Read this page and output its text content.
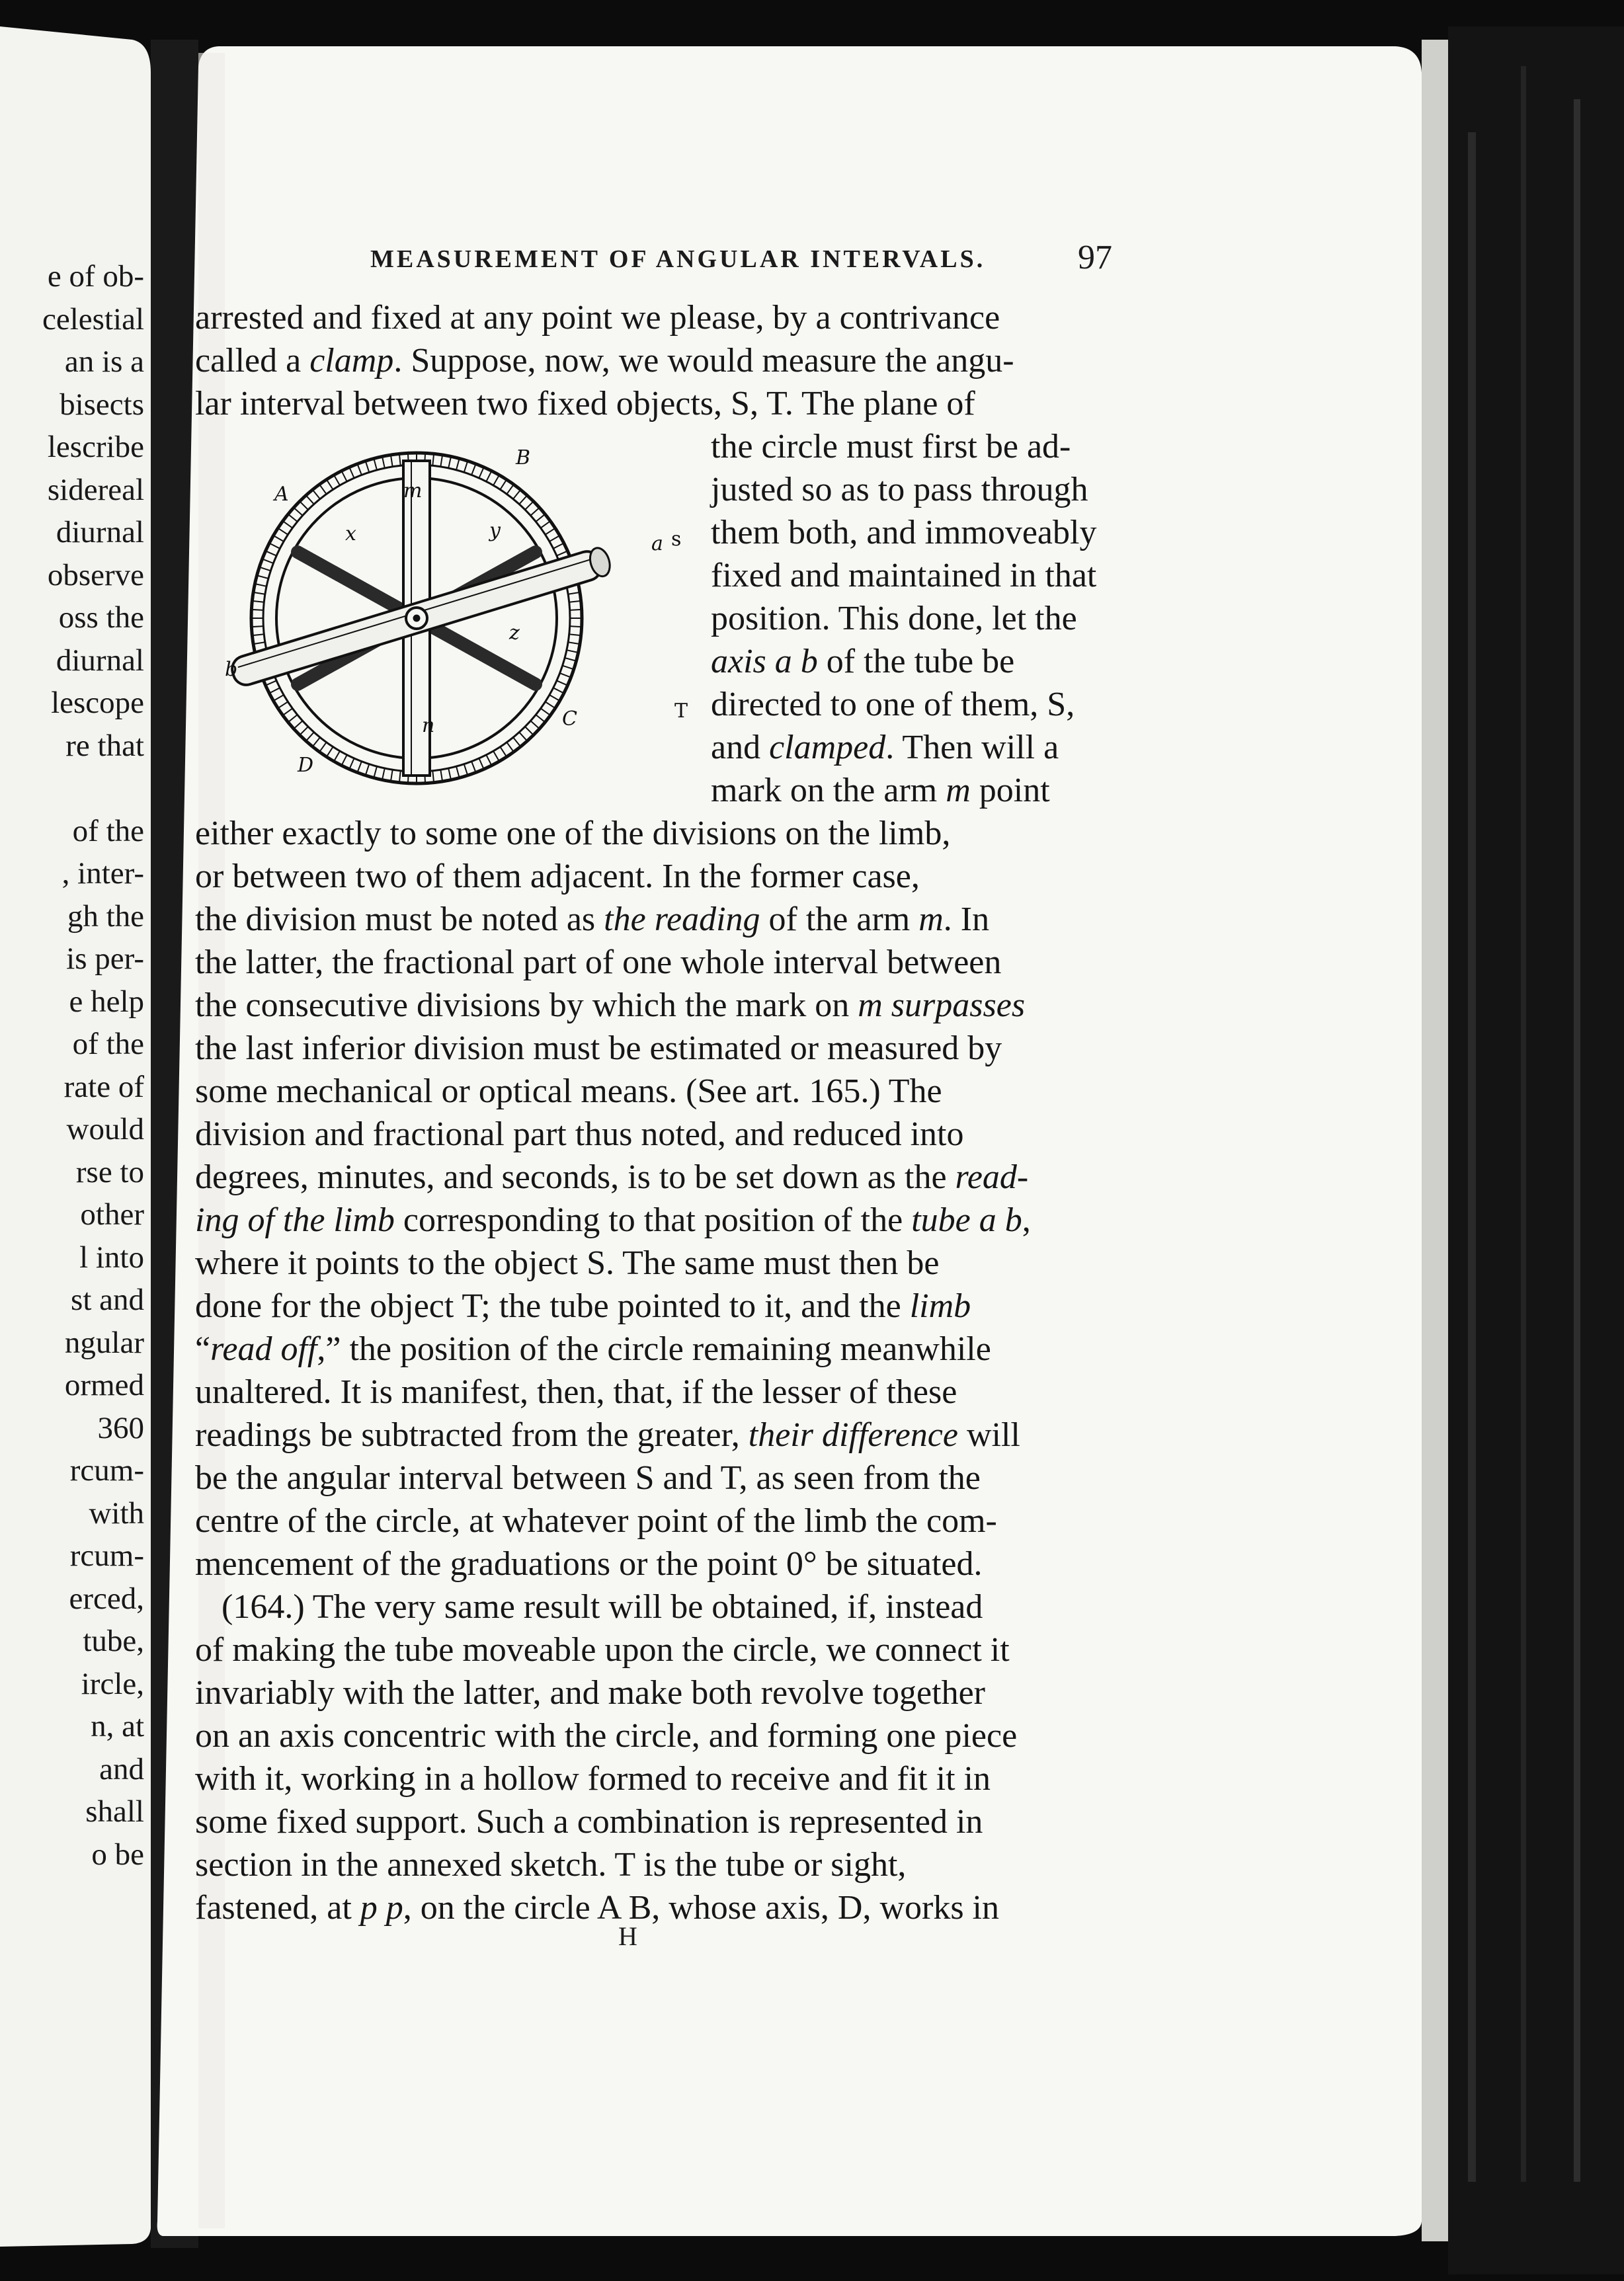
e of ob-
celestial
an is a
bisects
lescribe
sidereal
diurnal
observe
oss the
diurnal
lescope
re that
of the
, inter-
gh the
is per-
e help
of the
rate of
would
rse to
other
l into
st and
ngular
ormed
360
rcum-
with
rcum-
erced,
tube,
ircle,
n, at
and
shall
o be
MEASUREMENT OF ANGULAR INTERVALS.	97
A
B
C
D
m
n
x	y
z
a
b
s
T
arrested and fixed at any point we please, by a contrivance
called a clamp. Suppose, now, we would measure the angu-
lar interval between two fixed objects, S, T. The plane of
the circle must first be ad-
justed so as to pass through
them both, and immoveably
fixed and maintained in that
position. This done, let the
axis a b of the tube be
directed to one of them, S,
and clamped. Then will a
mark on the arm m point
either exactly to some one of the divisions on the limb,
or between two of them adjacent. In the former case,
the division must be noted as the reading of the arm m. In
the latter, the fractional part of one whole interval between
the consecutive divisions by which the mark on m surpasses
the last inferior division must be estimated or measured by
some mechanical or optical means. (See art. 165.) The
division and fractional part thus noted, and reduced into
degrees, minutes, and seconds, is to be set down as the read-
ing of the limb corresponding to that position of the tube a b,
where it points to the object S. The same must then be
done for the object T; the tube pointed to it, and the limb
“read off,” the position of the circle remaining meanwhile
unaltered. It is manifest, then, that, if the lesser of these
readings be subtracted from the greater, their difference will
be the angular interval between S and T, as seen from the
centre of the circle, at whatever point of the limb the com-
mencement of the graduations or the point 0° be situated.
(164.) The very same result will be obtained, if, instead
of making the tube moveable upon the circle, we connect it
invariably with the latter, and make both revolve together
on an axis concentric with the circle, and forming one piece
with it, working in a hollow formed to receive and fit it in
some fixed support. Such a combination is represented in
section in the annexed sketch. T is the tube or sight,
fastened, at p p, on the circle A B, whose axis, D, works in
H
